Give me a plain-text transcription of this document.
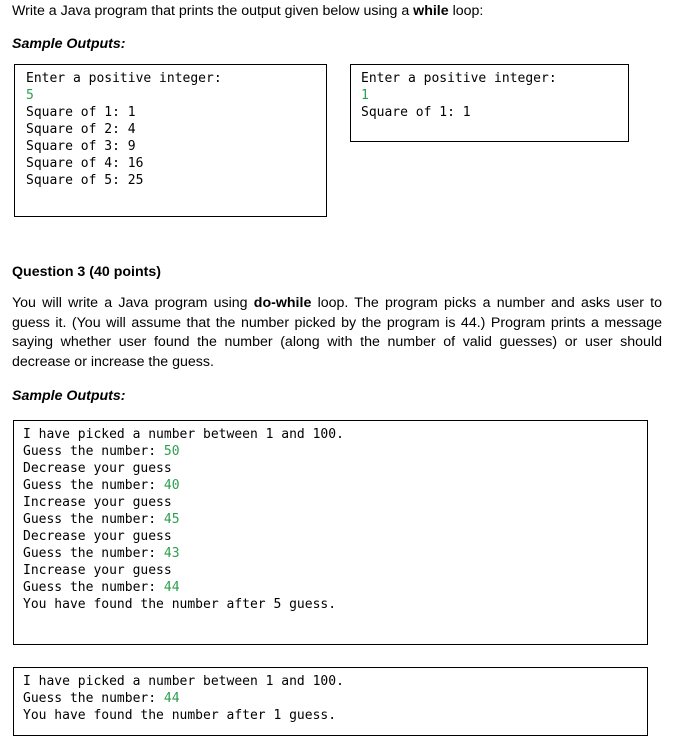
Write a Java program that prints the output given below using a while loop:
Sample Outputs:
Enter a positive integer:
5
Square of 1: 1
Square of 2: 4
Square of 3: 9
Square of 4: 16
Square of 5: 25
Enter a positive integer:
1
Square of 1: 1
Question 3 (40 points)
You will write a Java program using do-while loop. The program picks a number and asks user to
guess it. (You will assume that the number picked by the program is 44.) Program prints a message
saying whether user found the number (along with the number of valid guesses) or user should
decrease or increase the guess.
Sample Outputs:
I have picked a number between 1 and 100.
Guess the number: 50
Decrease your guess
Guess the number: 40
Increase your guess
Guess the number: 45
Decrease your guess
Guess the number: 43
Increase your guess
Guess the number: 44
You have found the number after 5 guess.
I have picked a number between 1 and 100.
Guess the number: 44
You have found the number after 1 guess.
